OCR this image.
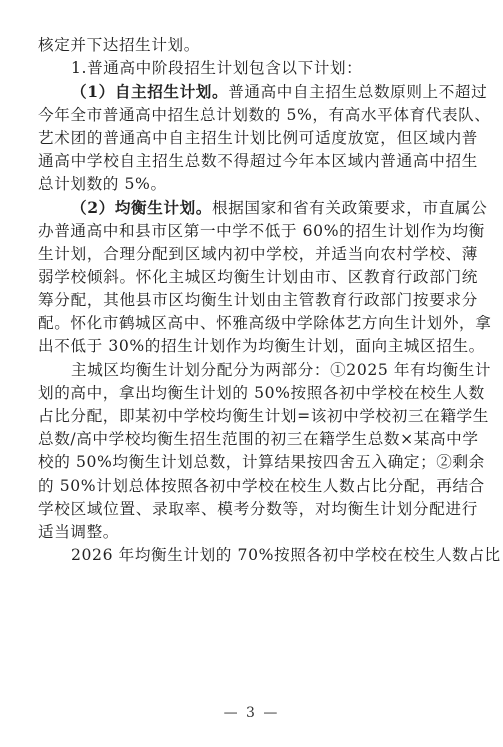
核定并下达招生计划。
1.普通高中阶段招生计划包含以下计划：
（1）自主招生计划。普通高中自主招生总数原则上不超过
今年全市普通高中招生总计划数的 5%，有高水平体育代表队、
艺术团的普通高中自主招生计划比例可适度放宽，但区域内普
通高中学校自主招生总数不得超过今年本区域内普通高中招生
总计划数的 5%。
（2）均衡生计划。根据国家和省有关政策要求，市直属公
办普通高中和县市区第一中学不低于 60%的招生计划作为均衡
生计划，合理分配到区域内初中学校，并适当向农村学校、薄
弱学校倾斜。怀化主城区均衡生计划由市、区教育行政部门统
筹分配，其他县市区均衡生计划由主管教育行政部门按要求分
配。怀化市鹤城区高中、怀雅高级中学除体艺方向生计划外，拿
出不低于 30%的招生计划作为均衡生计划，面向主城区招生。
主城区均衡生计划分配分为两部分：①2025 年有均衡生计
划的高中，拿出均衡生计划的 50%按照各初中学校在校生人数
占比分配，即某初中学校均衡生计划=该初中学校初三在籍学生
总数/高中学校均衡生招生范围的初三在籍学生总数×某高中学
校的 50%均衡生计划总数，计算结果按四舍五入确定；②剩余
的 50%计划总体按照各初中学校在校生人数占比分配，再结合
学校区域位置、录取率、模考分数等，对均衡生计划分配进行
适当调整。
2026 年均衡生计划的 70%按照各初中学校在校生人数占比
— 3 —
